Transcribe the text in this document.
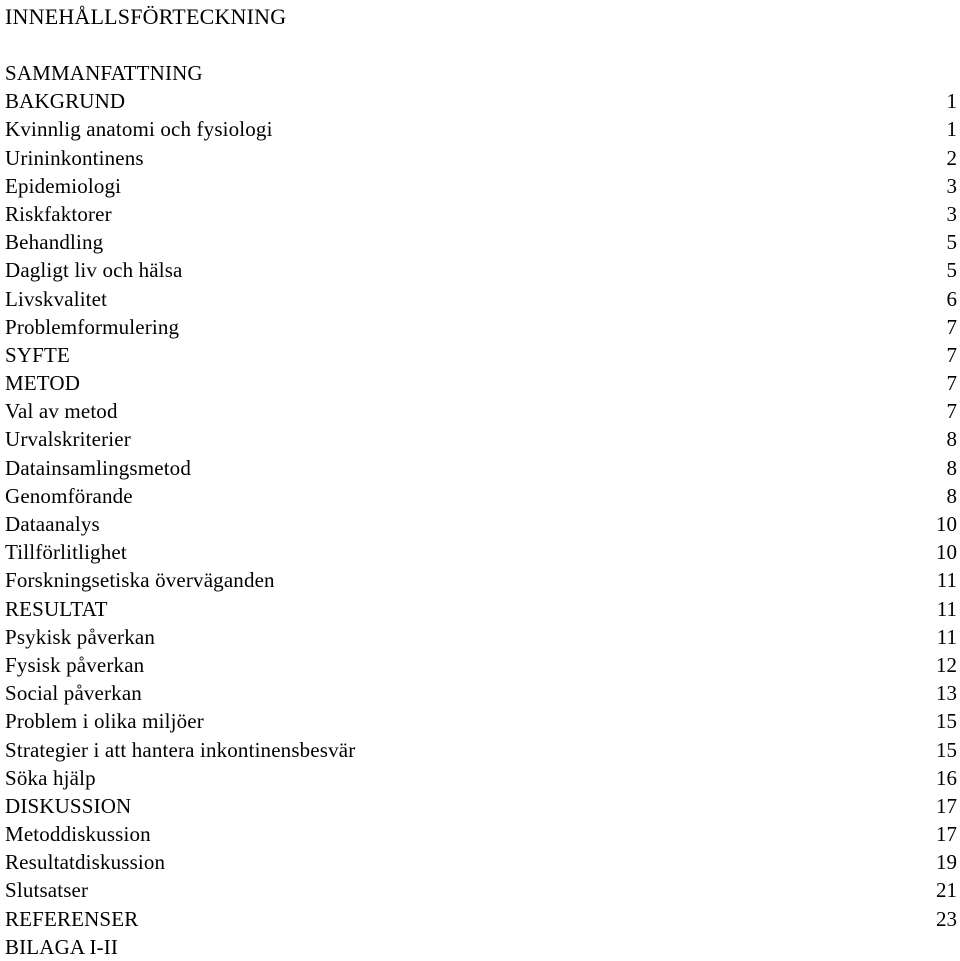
INNEHÅLLSFÖRTECKNING
SAMMANFATTNING
BAKGRUND	1
Kvinnlig anatomi och fysiologi	1
Urininkontinens	2
Epidemiologi	3
Riskfaktorer	3
Behandling	5
Dagligt liv och hälsa	5
Livskvalitet	6
Problemformulering	7
SYFTE	7
METOD	7
Val av metod	7
Urvalskriterier	8
Datainsamlingsmetod	8
Genomförande	8
Dataanalys	10
Tillförlitlighet	10
Forskningsetiska överväganden	11
RESULTAT	11
Psykisk påverkan	11
Fysisk påverkan	12
Social påverkan	13
Problem i olika miljöer	15
Strategier i att hantera inkontinensbesvär	15
Söka hjälp	16
DISKUSSION	17
Metoddiskussion	17
Resultatdiskussion	19
Slutsatser	21
REFERENSER	23
BILAGA I-II
